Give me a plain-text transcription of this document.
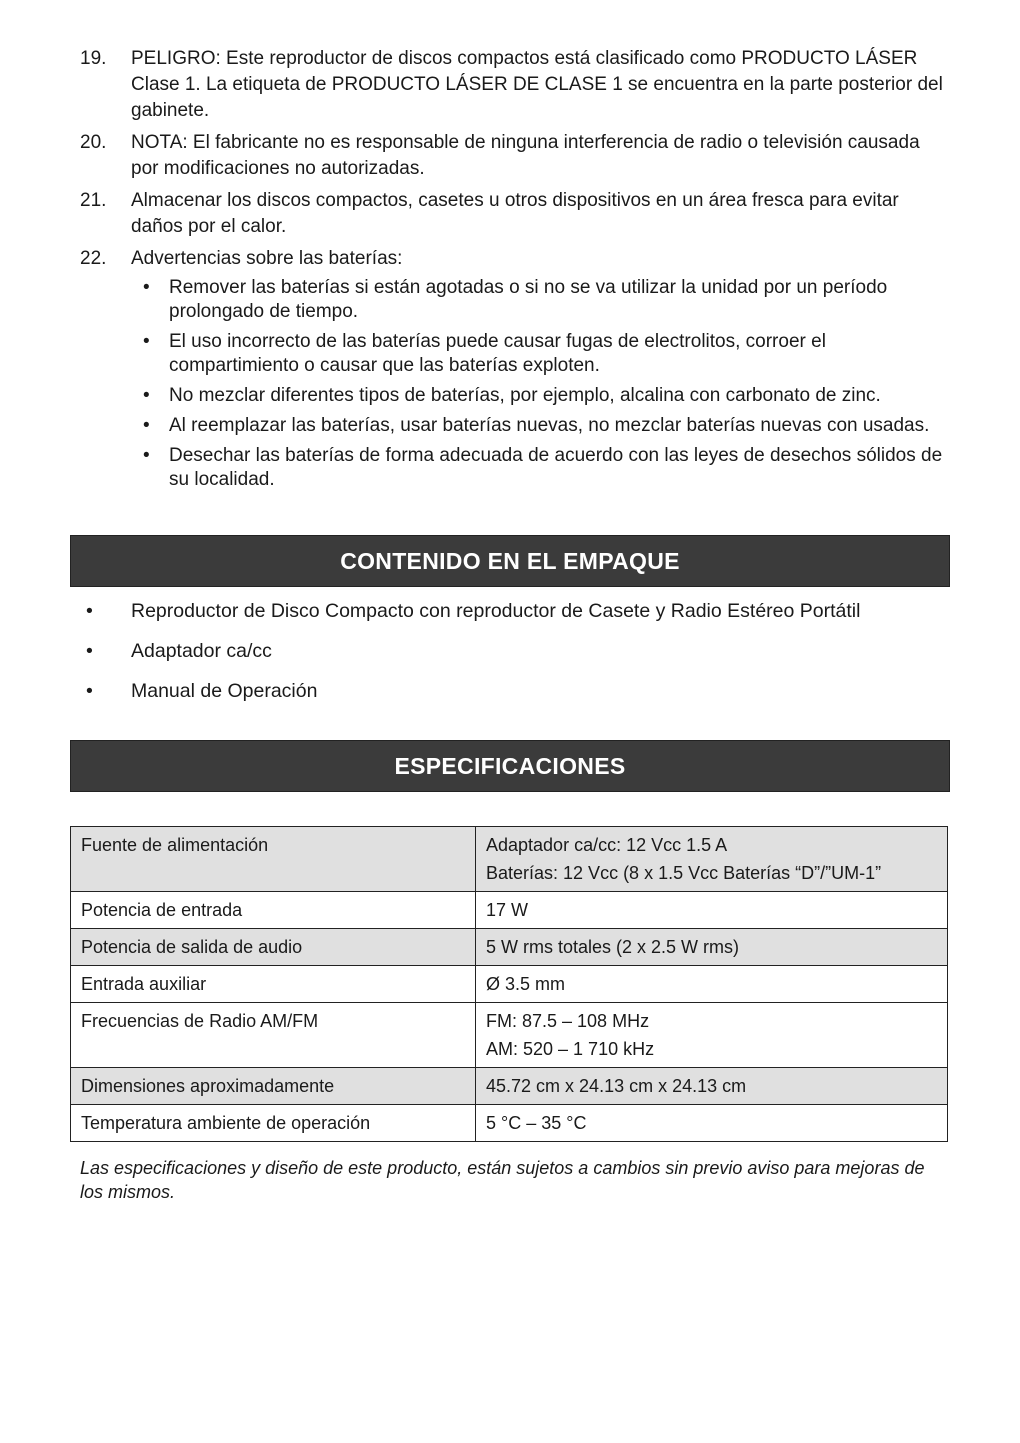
19.	PELIGRO: Este reproductor de discos compactos está clasificado como PRODUCTO LÁSER Clase 1. La etiqueta de PRODUCTO LÁSER DE CLASE 1 se encuentra en la parte posterior del gabinete.
20.	NOTA: El fabricante no es responsable de ninguna interferencia de radio o televisión causada por modificaciones no autorizadas.
21.	Almacenar los discos compactos, casetes u otros dispositivos en un área fresca para evitar daños por el calor.
22.	Advertencias sobre las baterías:
• Remover las baterías si están agotadas o si no se va utilizar la unidad por un período prolongado de tiempo.
• El uso incorrecto de las baterías puede causar fugas de electrolitos, corroer el compartimiento o causar que las baterías exploten.
• No mezclar diferentes tipos de baterías, por ejemplo, alcalina con carbonato de zinc.
• Al reemplazar las baterías, usar baterías nuevas, no mezclar baterías nuevas con usadas.
• Desechar las baterías de forma adecuada de acuerdo con las leyes de desechos sólidos de su localidad.
CONTENIDO EN EL EMPAQUE
• Reproductor de Disco Compacto con reproductor de Casete y Radio Estéreo Portátil
• Adaptador ca/cc
• Manual de Operación
ESPECIFICACIONES
Fuente de alimentación	Adaptador ca/cc: 12 Vcc 1.5 A
Baterías: 12 Vcc (8 x 1.5 Vcc Baterías “D”/”UM-1”

Potencia de entrada	17 W
Potencia de salida de audio	5 W rms totales (2 x 2.5 W rms)
Entrada auxiliar	Ø 3.5 mm
Frecuencias de Radio AM/FM	FM: 87.5 – 108 MHz
AM: 520 – 1 710 kHz

Dimensiones aproximadamente	45.72 cm x 24.13 cm x 24.13 cm
Temperatura ambiente de operación	5 °C – 35 °C
Las especificaciones y diseño de este producto, están sujetos a cambios sin previo aviso para mejoras de los mismos.
